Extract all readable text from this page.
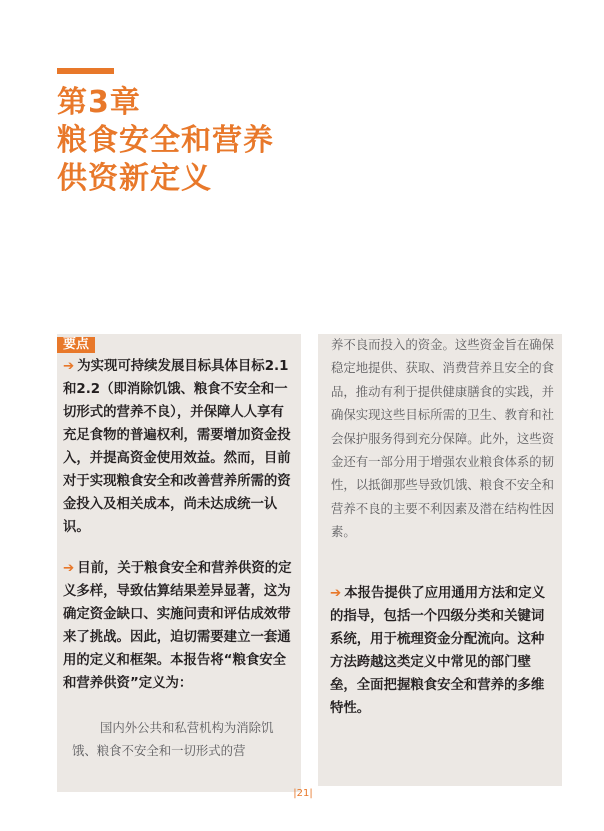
第3章
粮食安全和营养
供资新定义
要点
➔ 为实现可持续发展目标具体目标2.1和2.2（即消除饥饿、粮食不安全和一切形式的营养不良），并保障人人享有充足食物的普遍权利，需要增加资金投入，并提高资金使用效益。然而，目前对于实现粮食安全和改善营养所需的资金投入及相关成本，尚未达成统一认识。
➔ 目前，关于粮食安全和营养供资的定义多样，导致估算结果差异显著，这为确定资金缺口、实施问责和评估成效带来了挑战。因此，迫切需要建立一套通用的定义和框架。本报告将“粮食安全和营养供资”定义为：
国内外公共和私营机构为消除饥饿、粮食不安全和一切形式的营
养不良而投入的资金。这些资金旨在确保稳定地提供、获取、消费营养且安全的食品，推动有利于提供健康膳食的实践，并确保实现这些目标所需的卫生、教育和社会保护服务得到充分保障。此外，这些资金还有一部分用于增强农业粮食体系的韧性，以抵御那些导致饥饿、粮食不安全和营养不良的主要不利因素及潜在结构性因素。
➔ 本报告提供了应用通用方法和定义的指导，包括一个四级分类和关键词系统，用于梳理资金分配流向。这种方法跨越这类定义中常见的部门壁垒，全面把握粮食安全和营养的多维特性。
|21|
